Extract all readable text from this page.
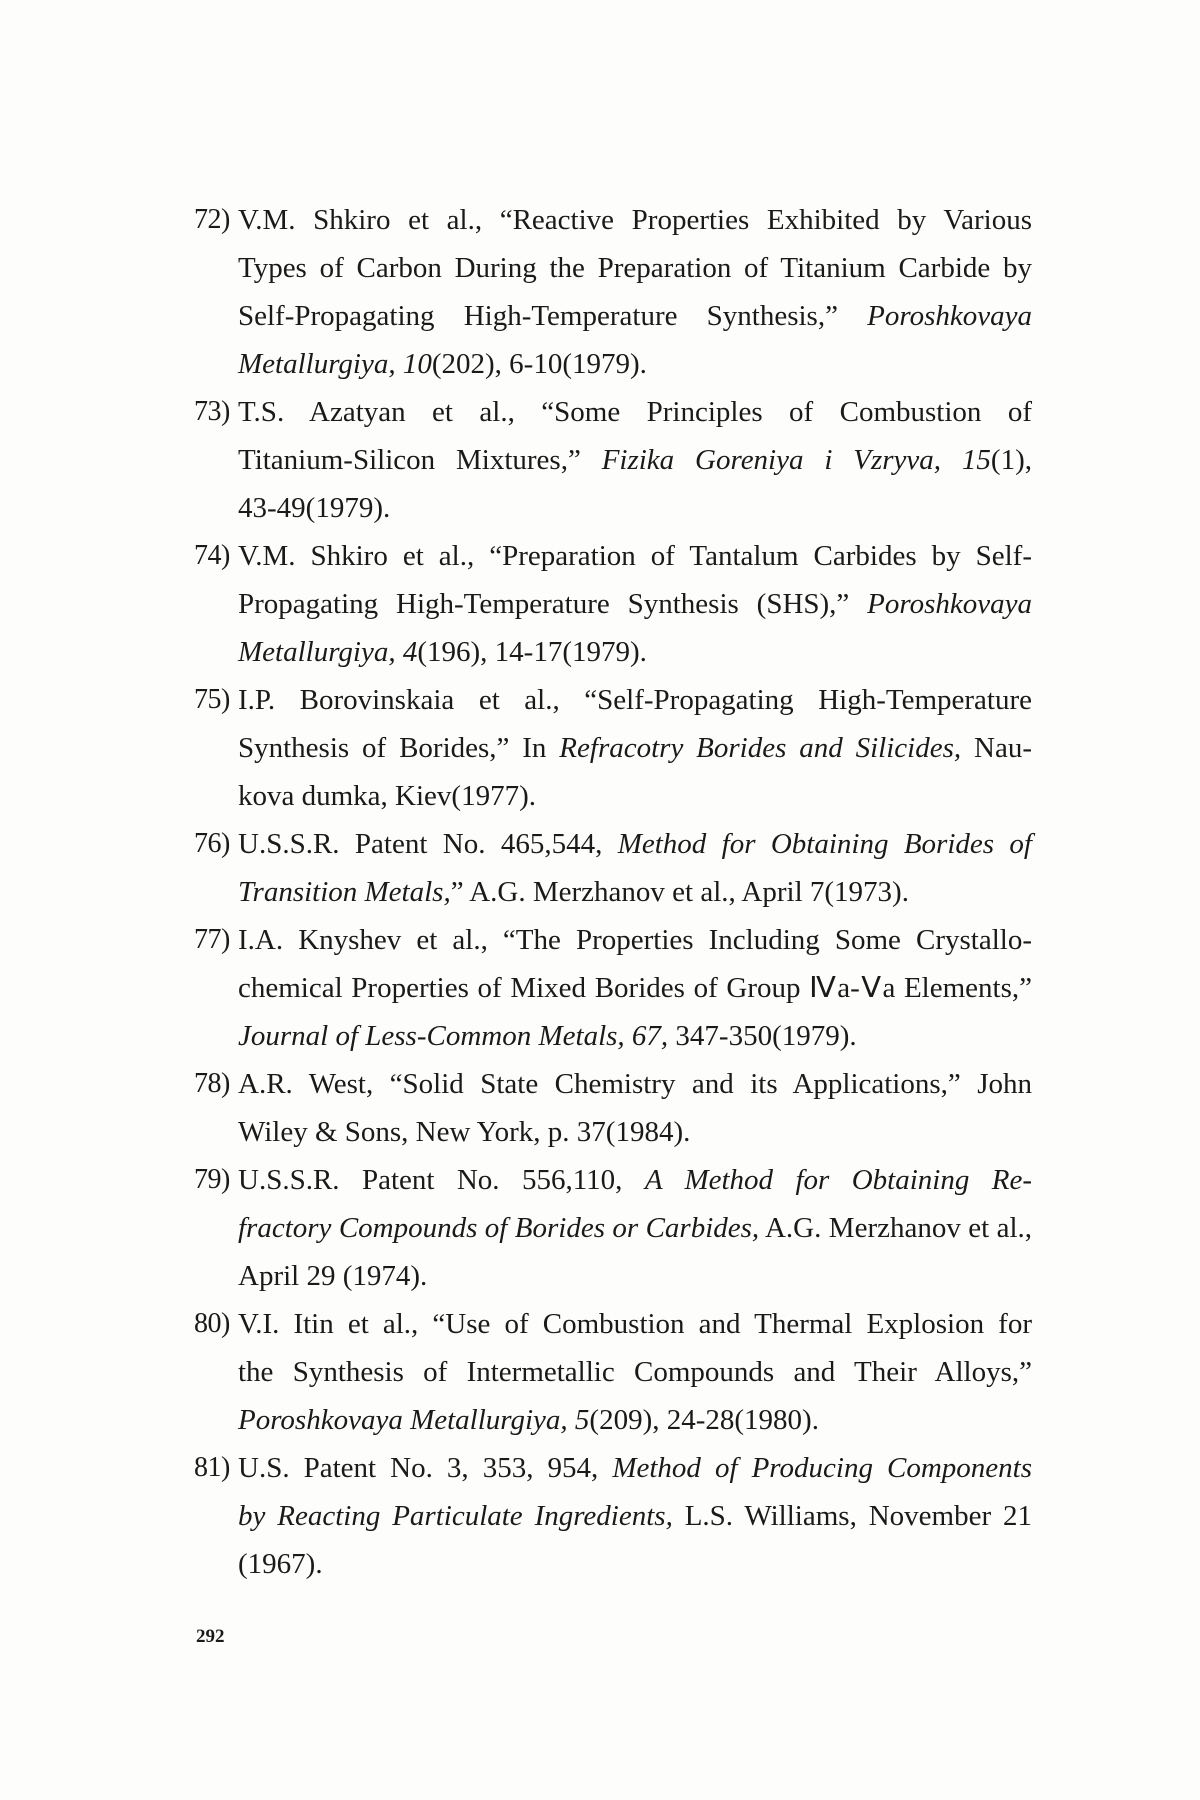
72) V.M. Shkiro et al., “Reactive Properties Exhibited by Various
Types of Carbon During the Preparation of Titanium Carbide by
Self-Propagating High-Temperature Synthesis,” Poroshkovaya
Metallurgiya, 10(202), 6-10(1979).
73) T.S. Azatyan et al., “Some Principles of Combustion of
Titanium-Silicon Mixtures,” Fizika Goreniya i Vzryva, 15(1),
43-49(1979).
74) V.M. Shkiro et al., “Preparation of Tantalum Carbides by Self-
Propagating High-Temperature Synthesis (SHS),” Poroshkovaya
Metallurgiya, 4(196), 14-17(1979).
75) I.P. Borovinskaia et al., “Self-Propagating High-Temperature
Synthesis of Borides,” In Refracotry Borides and Silicides, Nau-
kova dumka, Kiev(1977).
76) U.S.S.R. Patent No. 465,544, Method for Obtaining Borides of
Transition Metals,” A.G. Merzhanov et al., April 7(1973).
77) I.A. Knyshev et al., “The Properties Including Some Crystallo-
chemical Properties of Mixed Borides of Group Ⅳa-Ⅴa Elements,”
Journal of Less-Common Metals, 67, 347-350(1979).
78) A.R. West, “Solid State Chemistry and its Applications,” John
Wiley & Sons, New York, p. 37(1984).
79) U.S.S.R. Patent No. 556,110, A Method for Obtaining Re-
fractory Compounds of Borides or Carbides, A.G. Merzhanov et al.,
April 29 (1974).
80) V.I. Itin et al., “Use of Combustion and Thermal Explosion for
the Synthesis of Intermetallic Compounds and Their Alloys,”
Poroshkovaya Metallurgiya, 5(209), 24-28(1980).
81) U.S. Patent No. 3, 353, 954, Method of Producing Components
by Reacting Particulate Ingredients, L.S. Williams, November 21
(1967).
292
